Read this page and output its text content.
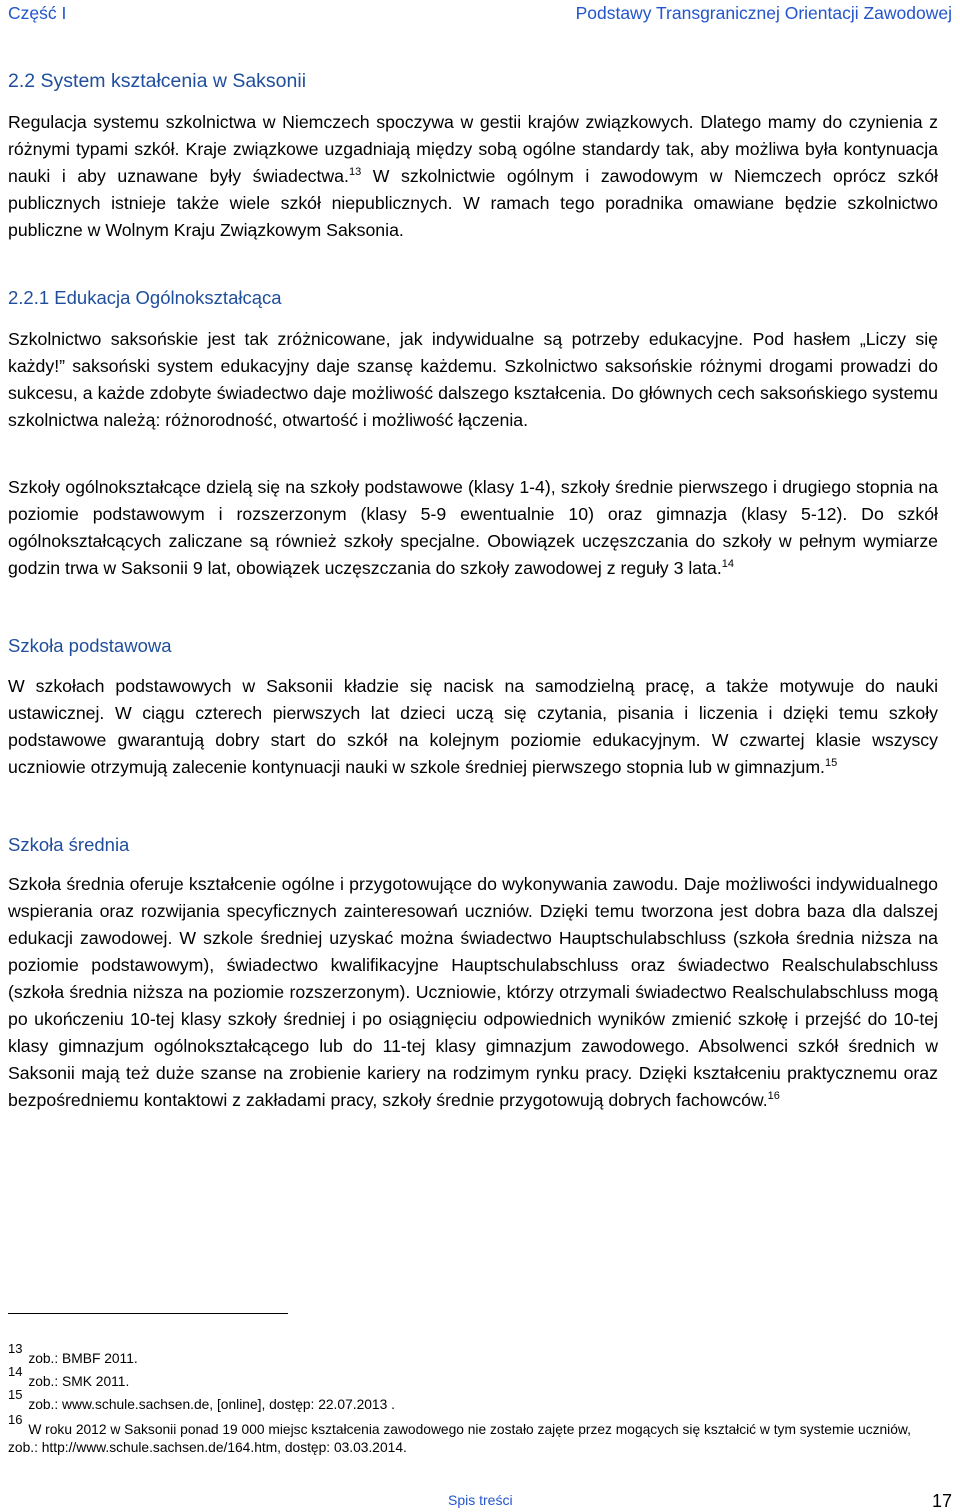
Część I	Podstawy Transgranicznej Orientacji Zawodowej
2.2 System kształcenia w Saksonii
Regulacja systemu szkolnictwa w Niemczech spoczywa w gestii krajów związkowych. Dlatego mamy do czynienia z różnymi typami szkół. Kraje związkowe uzgadniają między sobą ogólne standardy tak, aby możliwa była kontynuacja nauki i aby uznawane były świadectwa.$^{13}$ W szkolnictwie ogólnym i zawodowym w Niemczech oprócz szkół publicznych istnieje także wiele szkół niepublicznych. W ramach tego poradnika omawiane będzie szkolnictwo publiczne w Wolnym Kraju Związkowym Saksonia.
2.2.1 Edukacja Ogólnokształcąca
Szkolnictwo saksońskie jest tak zróżnicowane, jak indywidualne są potrzeby edukacyjne. Pod hasłem „Liczy się każdy!” saksoński system edukacyjny daje szansę każdemu. Szkolnictwo saksońskie różnymi drogami prowadzi do sukcesu, a każde zdobyte świadectwo daje możliwość dalszego kształcenia. Do głównych cech saksońskiego systemu szkolnictwa należą: różnorodność, otwartość i możliwość łączenia.
Szkoły ogólnokształcące dzielą się na szkoły podstawowe (klasy 1-4), szkoły średnie pierwszego i drugiego stopnia na poziomie podstawowym i rozszerzonym (klasy 5-9 ewentualnie 10) oraz gimnazja (klasy 5-12). Do szkół ogólnokształcących zaliczane są również szkoły specjalne. Obowiązek uczęszczania do szkoły w pełnym wymiarze godzin trwa w Saksonii 9 lat, obowiązek uczęszczania do szkoły zawodowej z reguły 3 lata.$^{14}$
Szkoła podstawowa
W szkołach podstawowych w Saksonii kładzie się nacisk na samodzielną pracę, a także motywuje do nauki ustawicznej. W ciągu czterech pierwszych lat dzieci uczą się czytania, pisania i liczenia i dzięki temu szkoły podstawowe gwarantują dobry start do szkół na kolejnym poziomie edukacyjnym. W czwartej klasie wszyscy uczniowie otrzymują zalecenie kontynuacji nauki w szkole średniej pierwszego stopnia lub w gimnazjum.$^{15}$
Szkoła średnia
Szkoła średnia oferuje kształcenie ogólne i przygotowujące do wykonywania zawodu. Daje możliwości indywidualnego wspierania oraz rozwijania specyficznych zainteresowań uczniów. Dzięki temu tworzona jest dobra baza dla dalszej edukacji zawodowej. W szkole średniej uzyskać można świadectwo Hauptschulabschluss (szkoła średnia niższa na poziomie podstawowym), świadectwo kwalifikacyjne Hauptschulabschluss oraz świadectwo Realschulabschluss (szkoła średnia niższa na poziomie rozszerzonym). Uczniowie, którzy otrzymali świadectwo Realschulabschluss mogą po ukończeniu 10-tej klasy szkoły średniej i po osiągnięciu odpowiednich wyników zmienić szkołę i przejść do 10-tej klasy gimnazjum ogólnokształcącego lub do 11-tej klasy gimnazjum zawodowego. Absolwenci szkół średnich w Saksonii mają też duże szanse na zrobienie kariery na rodzimym rynku pracy. Dzięki kształceniu praktycznemu oraz bezpośredniemu kontaktowi z zakładami pracy, szkoły średnie przygotowują dobrych fachowców.$^{16}$
13 zob.: BMBF 2011.
14 zob.: SMK 2011.
15 zob.: www.schule.sachsen.de, [online], dostęp: 22.07.2013 .
16 W roku 2012 w Saksonii ponad 19 000 miejsc kształcenia zawodowego nie zostało zajęte przez mogących się kształcić w tym systemie uczniów, zob.: http://www.schule.sachsen.de/164.htm, dostęp: 03.03.2014.
Spis treści	17
